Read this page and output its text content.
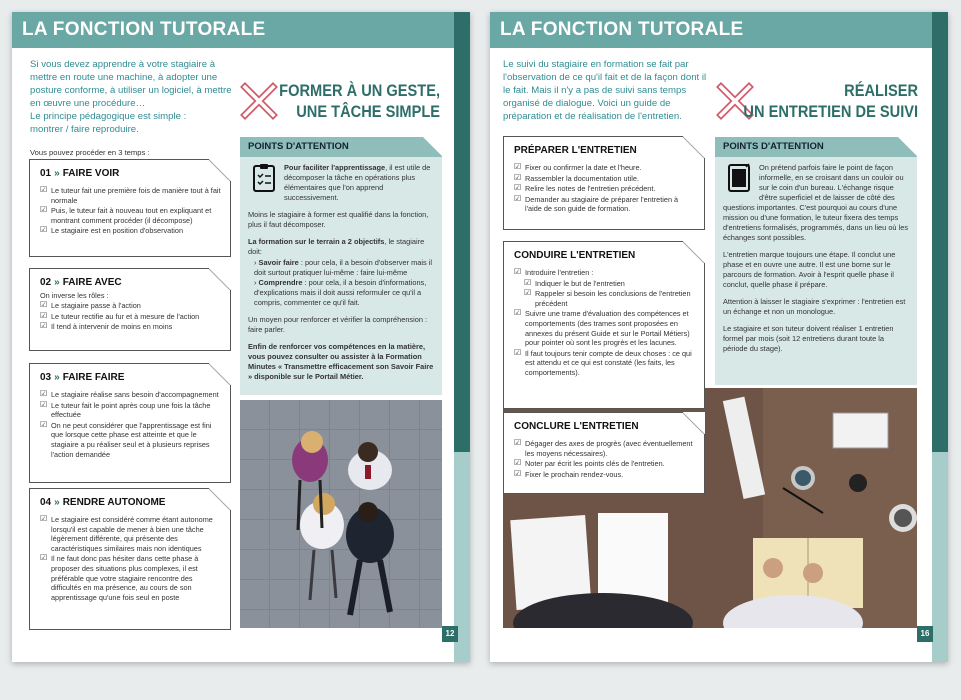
LA FONCTION TUTORALE

Si vous devez apprendre à votre stagiaire à mettre en route une machine, à adopter une posture conforme, à utiliser un logiciel, à mettre en œuvre une procédure…

Le principe pédagogique est simple :

montrer / faire reproduire.

FORMER À UN GESTE,
UNE TÂCHE SIMPLE
Vous pouvez procéder en 3 temps :
01 » FAIRE VOIR
☑ Le tuteur fait une première fois de manière tout à fait normale
☑ Puis, le tuteur fait à nouveau tout en expliquant et montrant comment procéder (il décompose)
☑ Le stagiaire est en position d'observation
02 » FAIRE AVEC
On inverse les rôles :
☑ Le stagiaire passe à l'action
☑ Le tuteur rectifie au fur et à mesure de l'action
☑ Il tend à intervenir de moins en moins
03 » FAIRE FAIRE
☑ Le stagiaire réalise sans besoin d'accompagnement
☑ Le tuteur fait le point après coup une fois la tâche effectuée
☑ On ne peut considérer que l'apprentissage est fini que lorsque cette phase est atteinte et que le stagiaire a pu réaliser seul et à plusieurs reprises l'action demandée
04 » RENDRE AUTONOME
☑ Le stagiaire est considéré comme étant autonome lorsqu'il est capable de mener à bien une tâche légèrement différente, qui présente des caractéristiques similaires mais non identiques
☑ Il ne faut donc pas hésiter dans cette phase à proposer des situations plus complexes, il est préférable que votre stagiaire rencontre des difficultés en ma présence, au cours de son apprentissage qu'une fois seul en poste
POINTS D'ATTENTION

Pour faciliter l'apprentissage, il est utile de décomposer la tâche en opérations plus élémentaires que l'on apprend successivement.

Moins le stagiaire à former est qualifié dans la fonction, plus il faut décomposer.

La formation sur le terrain a 2 objectifs, le stagiaire doit:

› Savoir faire : pour cela, il a besoin d'observer mais il doit surtout pratiquer lui-même : faire lui-même

› Comprendre : pour cela, il a besoin d'informations, d'explications mais il doit aussi reformuler ce qu'il a compris, commenter ce qu'il fait.

Un moyen pour renforcer et vérifier la compréhension : faire parler.

Enfin de renforcer vos compétences en la matière, vous pouvez consulter ou assister à la Formation Minutes « Transmettre efficacement son Savoir Faire » disponible sur le Portail Métier.

12
LA FONCTION TUTORALE

Le suivi du stagiaire en formation se fait par l'observation de ce qu'il fait et de la façon dont il le fait. Mais il n'y a pas de suivi sans temps organisé de dialogue. Voici un guide de préparation et de réalisation de l'entretien.

RÉALISER
UN ENTRETIEN DE SUIVI
PRÉPARER L'ENTRETIEN
☑ Fixer ou confirmer la date et l'heure.
☑ Rassembler la documentation utile.
☑ Relire les notes de l'entretien précédent.
☑ Demander au stagiaire de préparer l'entretien à l'aide de son guide de formation.
CONDUIRE L'ENTRETIEN
☑ Introduire l'entretien :
☑ Indiquer le but de l'entretien
☑ Rappeler si besoin les conclusions de l'entretien précédent
☑ Suivre une trame d'évaluation des compétences et comportements (des trames sont proposées en annexes du présent Guide et sur le Portail Métiers) pour pointer où sont les progrès et les lacunes.
☑ Il faut toujours tenir compte de deux choses : ce qui est attendu et ce qui est constaté (les faits, les comportements).
CONCLURE L'ENTRETIEN
☑ Dégager des axes de progrès (avec éventuellement les moyens nécessaires).
☑ Noter par écrit les points clés de l'entretien.
☑ Fixer le prochain rendez-vous.
POINTS D'ATTENTION

On prétend parfois faire le point de façon informelle, en se croisant dans un couloir ou sur le coin d'un bureau. L'échange risque d'être superficiel et de laisser de côté des questions importantes. C'est pourquoi au cours d'une mission ou d'une formation, le tuteur fixera des temps d'entretiens formalisés, programmés, dans un lieu où les échanges sont possibles.

L'entretien marque toujours une étape. Il conclut une phase et en ouvre une autre. Il est une borne sur le parcours de formation. Avoir à l'esprit quelle phase il conclut, quelle phase il prépare.

Attention à laisser le stagiaire s'exprimer : l'entretien est un échange et non un monologue.

Le stagiaire et son tuteur doivent réaliser 1 entretien formel par mois (soit 12 entretiens durant toute la période du stage).

16
